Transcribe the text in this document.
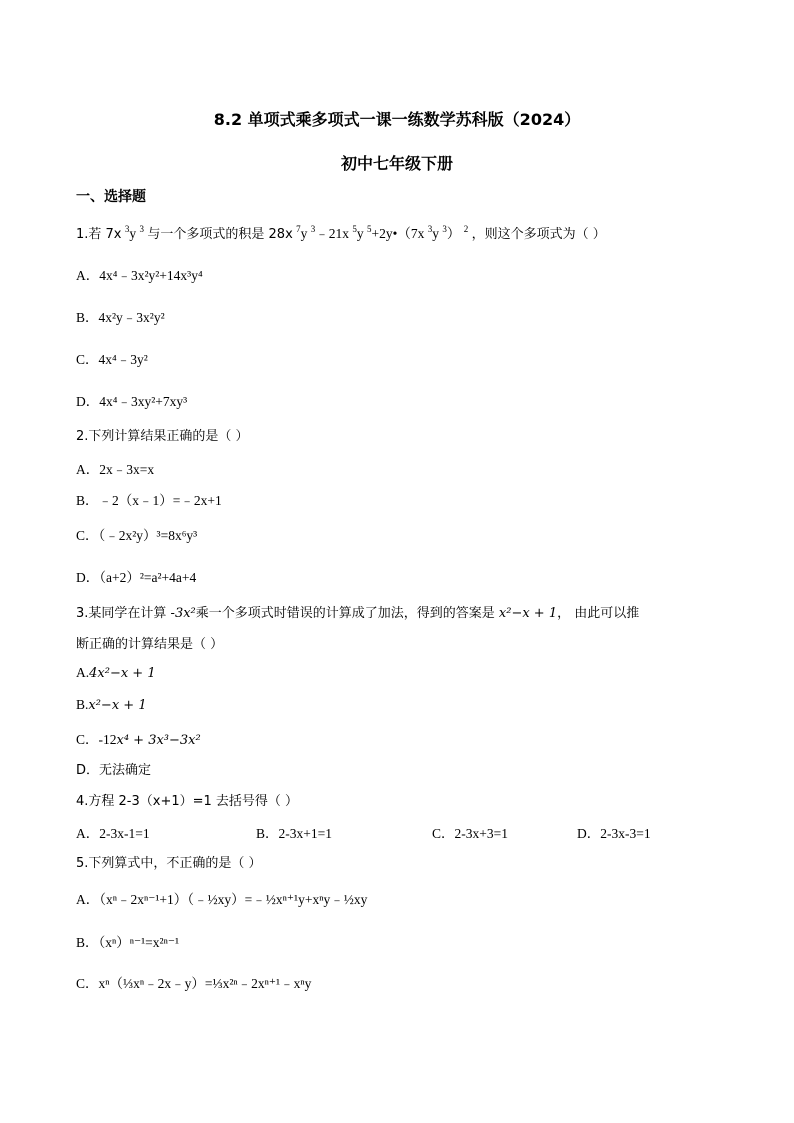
8.2 单项式乘多项式一课一练数学苏科版（2024）
初中七年级下册
一、选择题
1.若 7x $^3$y $^3$ 与一个多项式的积是 28x $^7$y $^3$﹣21x $^5$y $^5$+2y•（7x $^3$y $^3$） $^2$ ，则这个多项式为（ ）
A．4x⁴﹣3x²y²+14x³y⁴
B．4x²y﹣3x²y²
C．4x⁴﹣3y²
D．4x⁴﹣3xy²+7xy³
2.下列计算结果正确的是（ ）
A．2x﹣3x=x
B．﹣2（x﹣1）=﹣2x+1
C．（﹣2x²y）³=8x⁶y³
D．（a+2）²=a²+4a+4
3.某同学在计算 -3x²乘一个多项式时错误的计算成了加法，得到的答案是 x²−x + 1， 由此可以推
断正确的计算结果是（ ）
A.4x²−x + 1
B.x²−x + 1
C．-12x⁴ + 3x³−3x²
D．无法确定
4.方程 2-3（x+1）=1 去括号得（ ）
A．2-3x-1=1	B．2-3x+1=1	C．2-3x+3=1	D．2-3x-3=1
5.下列算式中，不正确的是（ ）
A．（xⁿ﹣2xⁿ⁻¹+1）（﹣½xy）=﹣½xⁿ⁺¹y+xⁿy﹣½xy
B．（xⁿ）ⁿ⁻¹=x²ⁿ⁻¹
C．xⁿ（⅓xⁿ﹣2x﹣y）=⅓x²ⁿ﹣2xⁿ⁺¹﹣xⁿy
